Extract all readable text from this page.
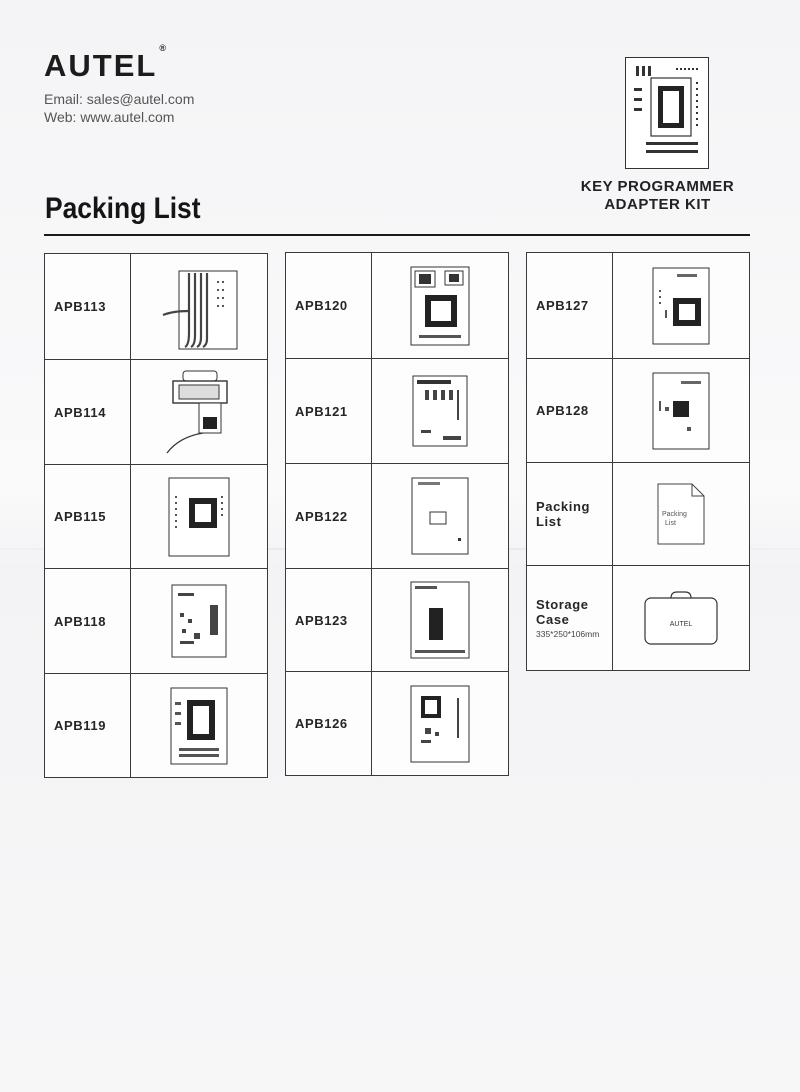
AUTEL®
Email: sales@autel.com
Web: www.autel.com
KEY PROGRAMMER
ADAPTER KIT
Packing List
APB113
APB114
APB115
APB118
APB119
APB120
APB121
APB122
APB123
APB126
APB127
APB128
Packing List	Packing
List
Storage Case
335*250*106mm
AUTEL
